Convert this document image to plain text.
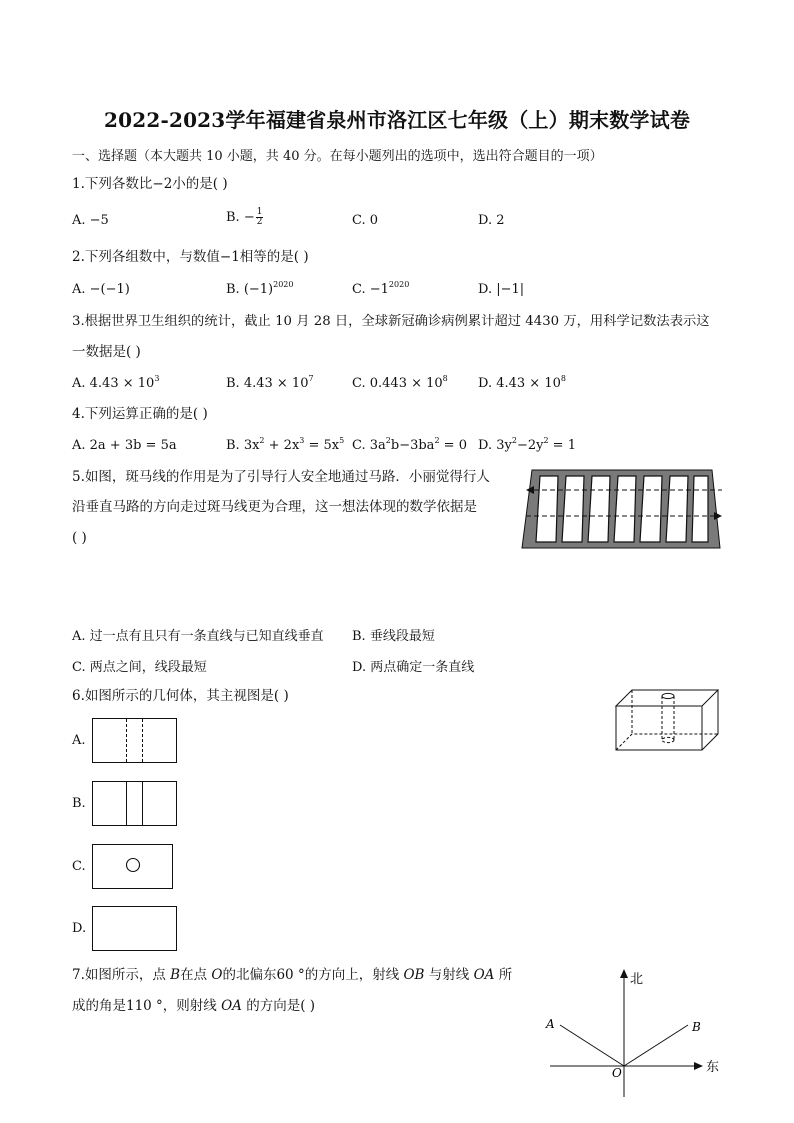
2022-2023学年福建省泉州市洛江区七年级（上）期末数学试卷
一、选择题（本大题共 10 小题，共 40 分。在每小题列出的选项中，选出符合题目的一项）
1.下列各数比−2小的是( )
A. −5	B. − $\frac{1}{2}$	C. 0	D. 2
2.下列各组数中，与数值−1相等的是( )
A. −(−1)	B. $(-1)^{2020}$	C. $-1^{2020}$	D. |−1|
3.根据世界卫生组织的统计，截止 10 月 28 日，全球新冠确诊病例累计超过 4430 万，用科学记数法表示这
一数据是( )
A. $4.43 \times 10^3$	B. $4.43 \times 10^7$	C. $0.443 \times 10^8$ D. $4.43 \times 10^8$
4.下列运算正确的是( )
A. 2a + 3b = 5a	B. $3x^2 + 2x^3 = 5x^5$ C. $3a^2b-3ba^2 = 0$ D. $3y^2-2y^2 = 1$
5.如图，斑马线的作用是为了引导行人安全地通过马路．小丽觉得行人
沿垂直马路的方向走过斑马线更为合理，这一想法体现的数学依据是
( )
A. 过一点有且只有一条直线与已知直线垂直 B. 垂线段最短
C. 两点之间，线段最短	D. 两点确定一条直线
6.如图所示的几何体，其主视图是( )
A.
B.
C.
D.
7.如图所示，点 B在点 O的北偏东60 °的方向上，射线 OB 与射线 OA 所
成的角是110 °，则射线 OA 的方向是( )
北
东
A	B
O
